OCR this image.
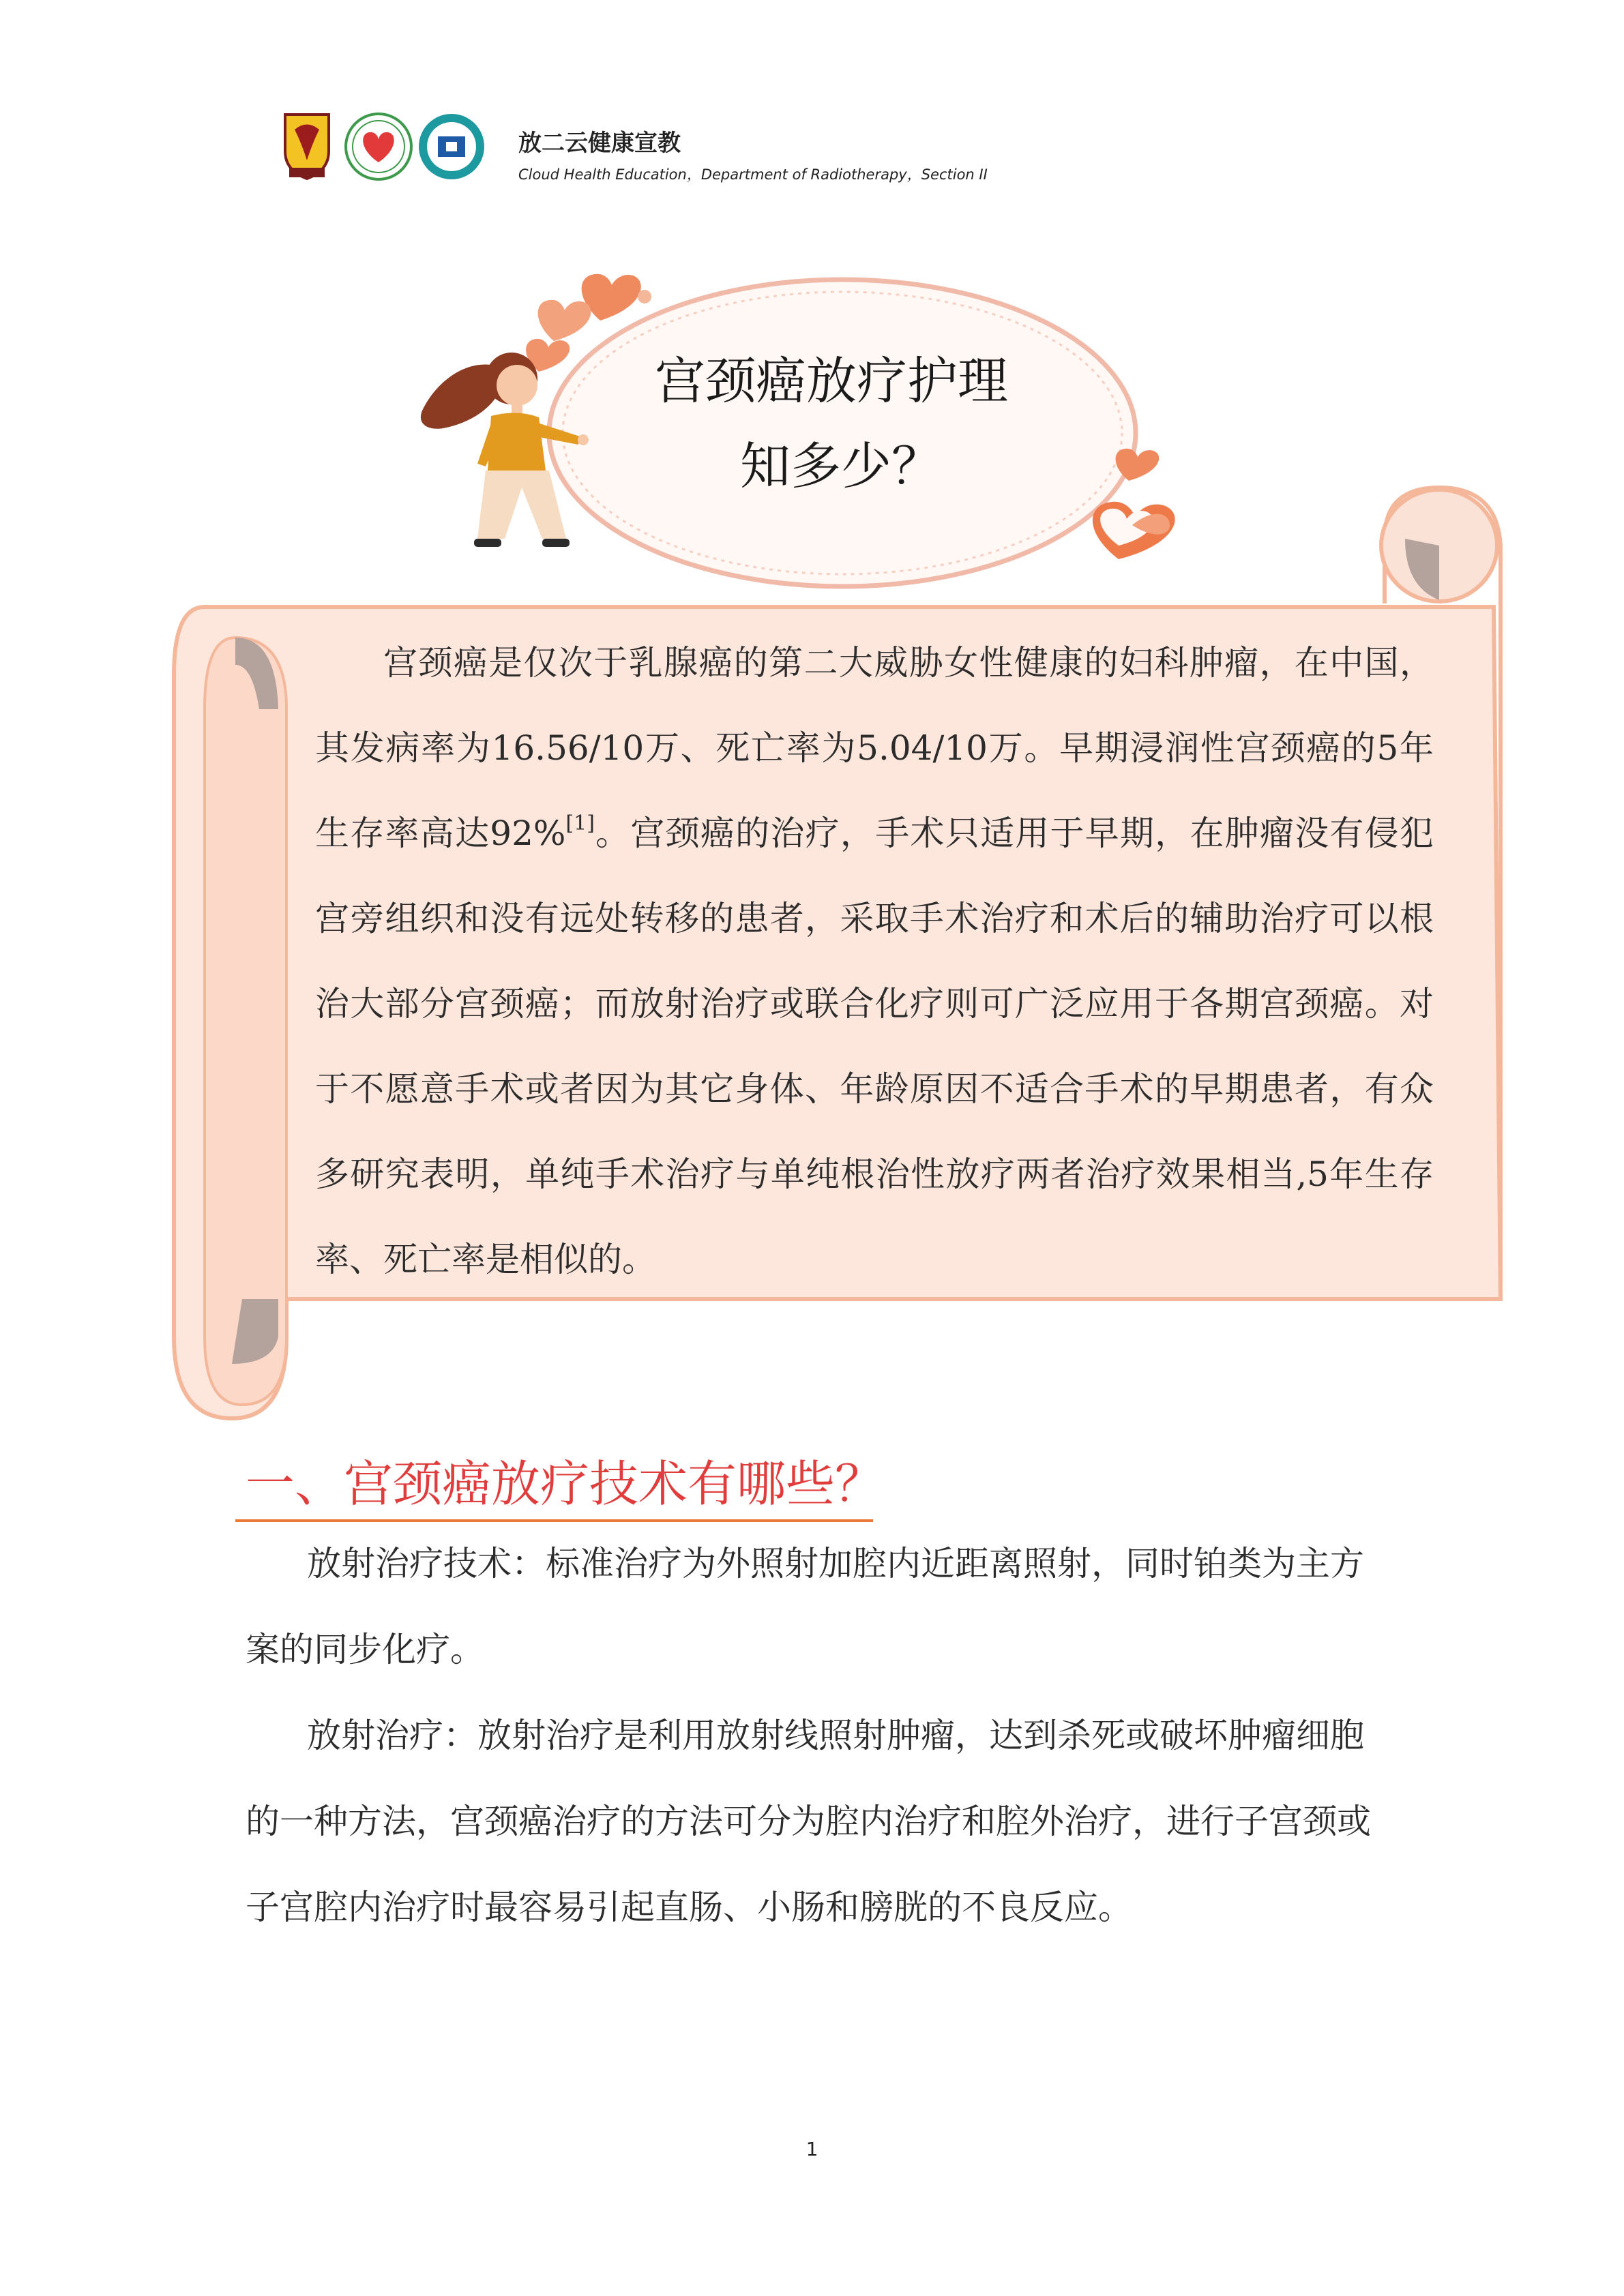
放二云健康宣教
Cloud Health Education，Department of Radiotherapy，Section II
宫颈癌放疗护理
知多少？
宫颈癌是仅次于乳腺癌的第二大威胁女性健康的妇科肿瘤，在中国，其发病率为16.56/10万、死亡率为5.04/10万。早期浸润性宫颈癌的5年生存率高达92%[1]。宫颈癌的治疗，手术只适用于早期，在肿瘤没有侵犯宫旁组织和没有远处转移的患者，采取手术治疗和术后的辅助治疗可以根治大部分宫颈癌；而放射治疗或联合化疗则可广泛应用于各期宫颈癌。对于不愿意手术或者因为其它身体、年龄原因不适合手术的早期患者，有众多研究表明，单纯手术治疗与单纯根治性放疗两者治疗效果相当,5年生存率、死亡率是相似的。
一、宫颈癌放疗技术有哪些？
放射治疗技术：标准治疗为外照射加腔内近距离照射，同时铂类为主方案的同步化疗。
放射治疗：放射治疗是利用放射线照射肿瘤，达到杀死或破坏肿瘤细胞的一种方法，宫颈癌治疗的方法可分为腔内治疗和腔外治疗，进行子宫颈或子宫腔内治疗时最容易引起直肠、小肠和膀胱的不良反应。
1
